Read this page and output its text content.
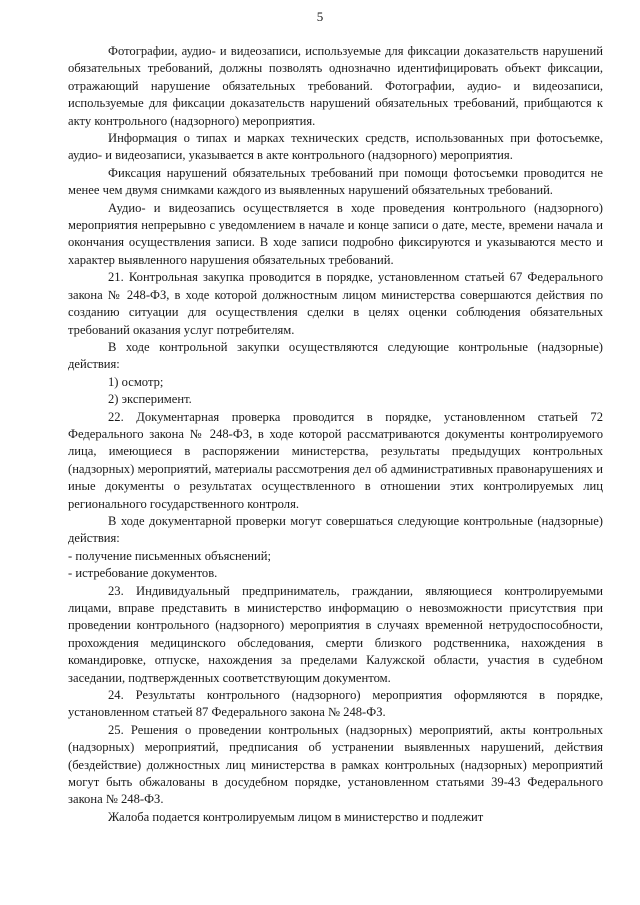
5

Фотографии, аудио- и видеозаписи, используемые для фиксации доказательств нарушений обязательных требований, должны позволять однозначно идентифицировать объект фиксации, отражающий нарушение обязательных требований. Фотографии, аудио- и видеозаписи, используемые для фиксации доказательств нарушений обязательных требований, прибщаются к акту контрольного (надзорного) мероприятия.

Информация о типах и марках технических средств, использованных при фотосъемке, аудио- и видеозаписи, указывается в акте контрольного (надзорного) мероприятия.

Фиксация нарушений обязательных требований при помощи фотосъемки проводится не менее чем двумя снимками каждого из выявленных нарушений обязательных требований.

Аудио- и видеозапись осуществляется в ходе проведения контрольного (надзорного) мероприятия непрерывно с уведомлением в начале и конце записи о дате, месте, времени начала и окончания осуществления записи. В ходе записи подробно фиксируются и указываются место и характер выявленного нарушения обязательных требований.

21. Контрольная закупка проводится в порядке, установленном статьей 67 Федерального закона № 248-ФЗ, в ходе которой должностным лицом министерства совершаются действия по созданию ситуации для осуществления сделки в целях оценки соблюдения обязательных требований оказания услуг потребителям.

В ходе контрольной закупки осуществляются следующие контрольные (надзорные) действия:

1) осмотр;

2) эксперимент.

22. Документарная проверка проводится в порядке, установленном статьей 72 Федерального закона № 248-ФЗ, в ходе которой рассматриваются документы контролируемого лица, имеющиеся в распоряжении министерства, результаты предыдущих контрольных (надзорных) мероприятий, материалы рассмотрения дел об административных правонарушениях и иные документы о результатах осуществленного в отношении этих контролируемых лиц регионального государственного контроля.

В ходе документарной проверки могут совершаться следующие контрольные (надзорные) действия:

- получение письменных объяснений;

- истребование документов.

23. Индивидуальный предприниматель, граждании, являющиеся контролируемыми лицами, вправе представить в министерство информацию о невозможности присутствия при проведении контрольного (надзорного) мероприятия в случаях временной нетрудоспособности, прохождения медицинского обследования, смерти близкого родственника, нахождения в командировке, отпуске, нахождения за пределами Калужской области, участия в судебном заседании, подтвержденных соответствующим документом.

24. Результаты контрольного (надзорного) мероприятия оформляются в порядке, установленном статьей 87 Федерального закона № 248-ФЗ.

25. Решения о проведении контрольных (надзорных) мероприятий, акты контрольных (надзорных) мероприятий, предписания об устранении выявленных нарушений, действия (бездействие) должностных лиц министерства в рамках контрольных (надзорных) мероприятий могут быть обжалованы в досудебном порядке, установленном статьями 39-43 Федерального закона № 248-ФЗ.

Жалоба подается контролируемым лицом в министерство и подлежит
